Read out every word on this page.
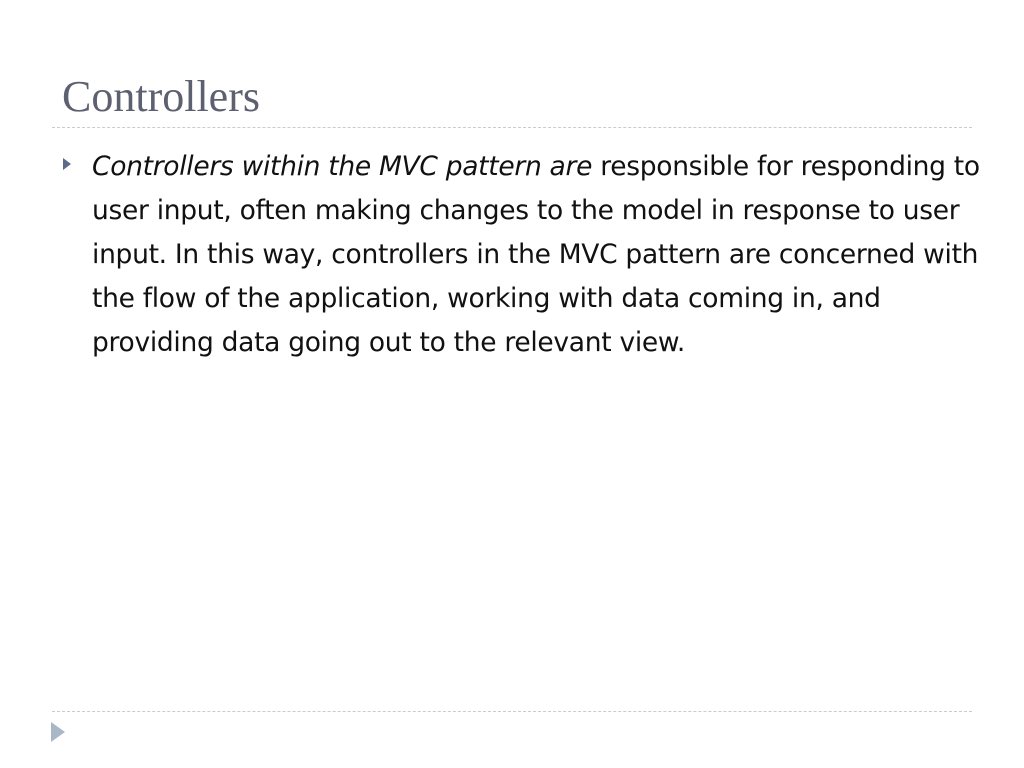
Controllers

Controllers within the MVC pattern are responsible for responding to user input, often making changes to the model in response to user input. In this way, controllers in the MVC pattern are concerned with the flow of the application, working with data coming in, and providing data going out to the relevant view.
